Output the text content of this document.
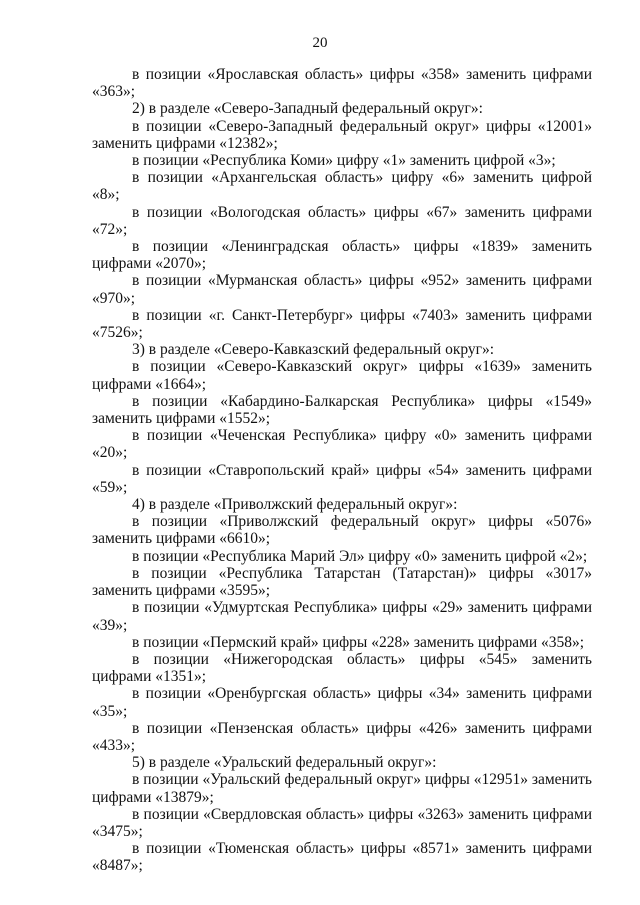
20

в позиции «Ярославская область» цифры «358» заменить цифрами «363»;

2) в разделе «Северо-Западный федеральный округ»:

в позиции «Северо-Западный федеральный округ» цифры «12001» заменить цифрами «12382»;

в позиции «Республика Коми» цифру «1» заменить цифрой «3»;

в позиции «Архангельская область» цифру «6» заменить цифрой «8»;

в позиции «Вологодская область» цифры «67» заменить цифрами «72»;

в позиции «Ленинградская область» цифры «1839» заменить цифрами «2070»;

в позиции «Мурманская область» цифры «952» заменить цифрами «970»;

в позиции «г. Санкт-Петербург» цифры «7403» заменить цифрами «7526»;

3) в разделе «Северо-Кавказский федеральный округ»:

в позиции «Северо-Кавказский округ» цифры «1639» заменить цифрами «1664»;

в позиции «Кабардино-Балкарская Республика» цифры «1549» заменить цифрами «1552»;

в позиции «Чеченская Республика» цифру «0» заменить цифрами «20»;

в позиции «Ставропольский край» цифры «54» заменить цифрами «59»;

4) в разделе «Приволжский федеральный округ»:

в позиции «Приволжский федеральный округ» цифры «5076» заменить цифрами «6610»;

в позиции «Республика Марий Эл» цифру «0» заменить цифрой «2»;

в позиции «Республика Татарстан (Татарстан)» цифры «3017» заменить цифрами «3595»;

в позиции «Удмуртская Республика» цифры «29» заменить цифрами «39»;

в позиции «Пермский край» цифры «228» заменить цифрами «358»;

в позиции «Нижегородская область» цифры «545» заменить цифрами «1351»;

в позиции «Оренбургская область» цифры «34» заменить цифрами «35»;

в позиции «Пензенская область» цифры «426» заменить цифрами «433»;

5) в разделе «Уральский федеральный округ»:

в позиции «Уральский федеральный округ» цифры «12951» заменить цифрами «13879»;

в позиции «Свердловская область» цифры «3263» заменить цифрами «3475»;

в позиции «Тюменская область» цифры «8571» заменить цифрами «8487»;
